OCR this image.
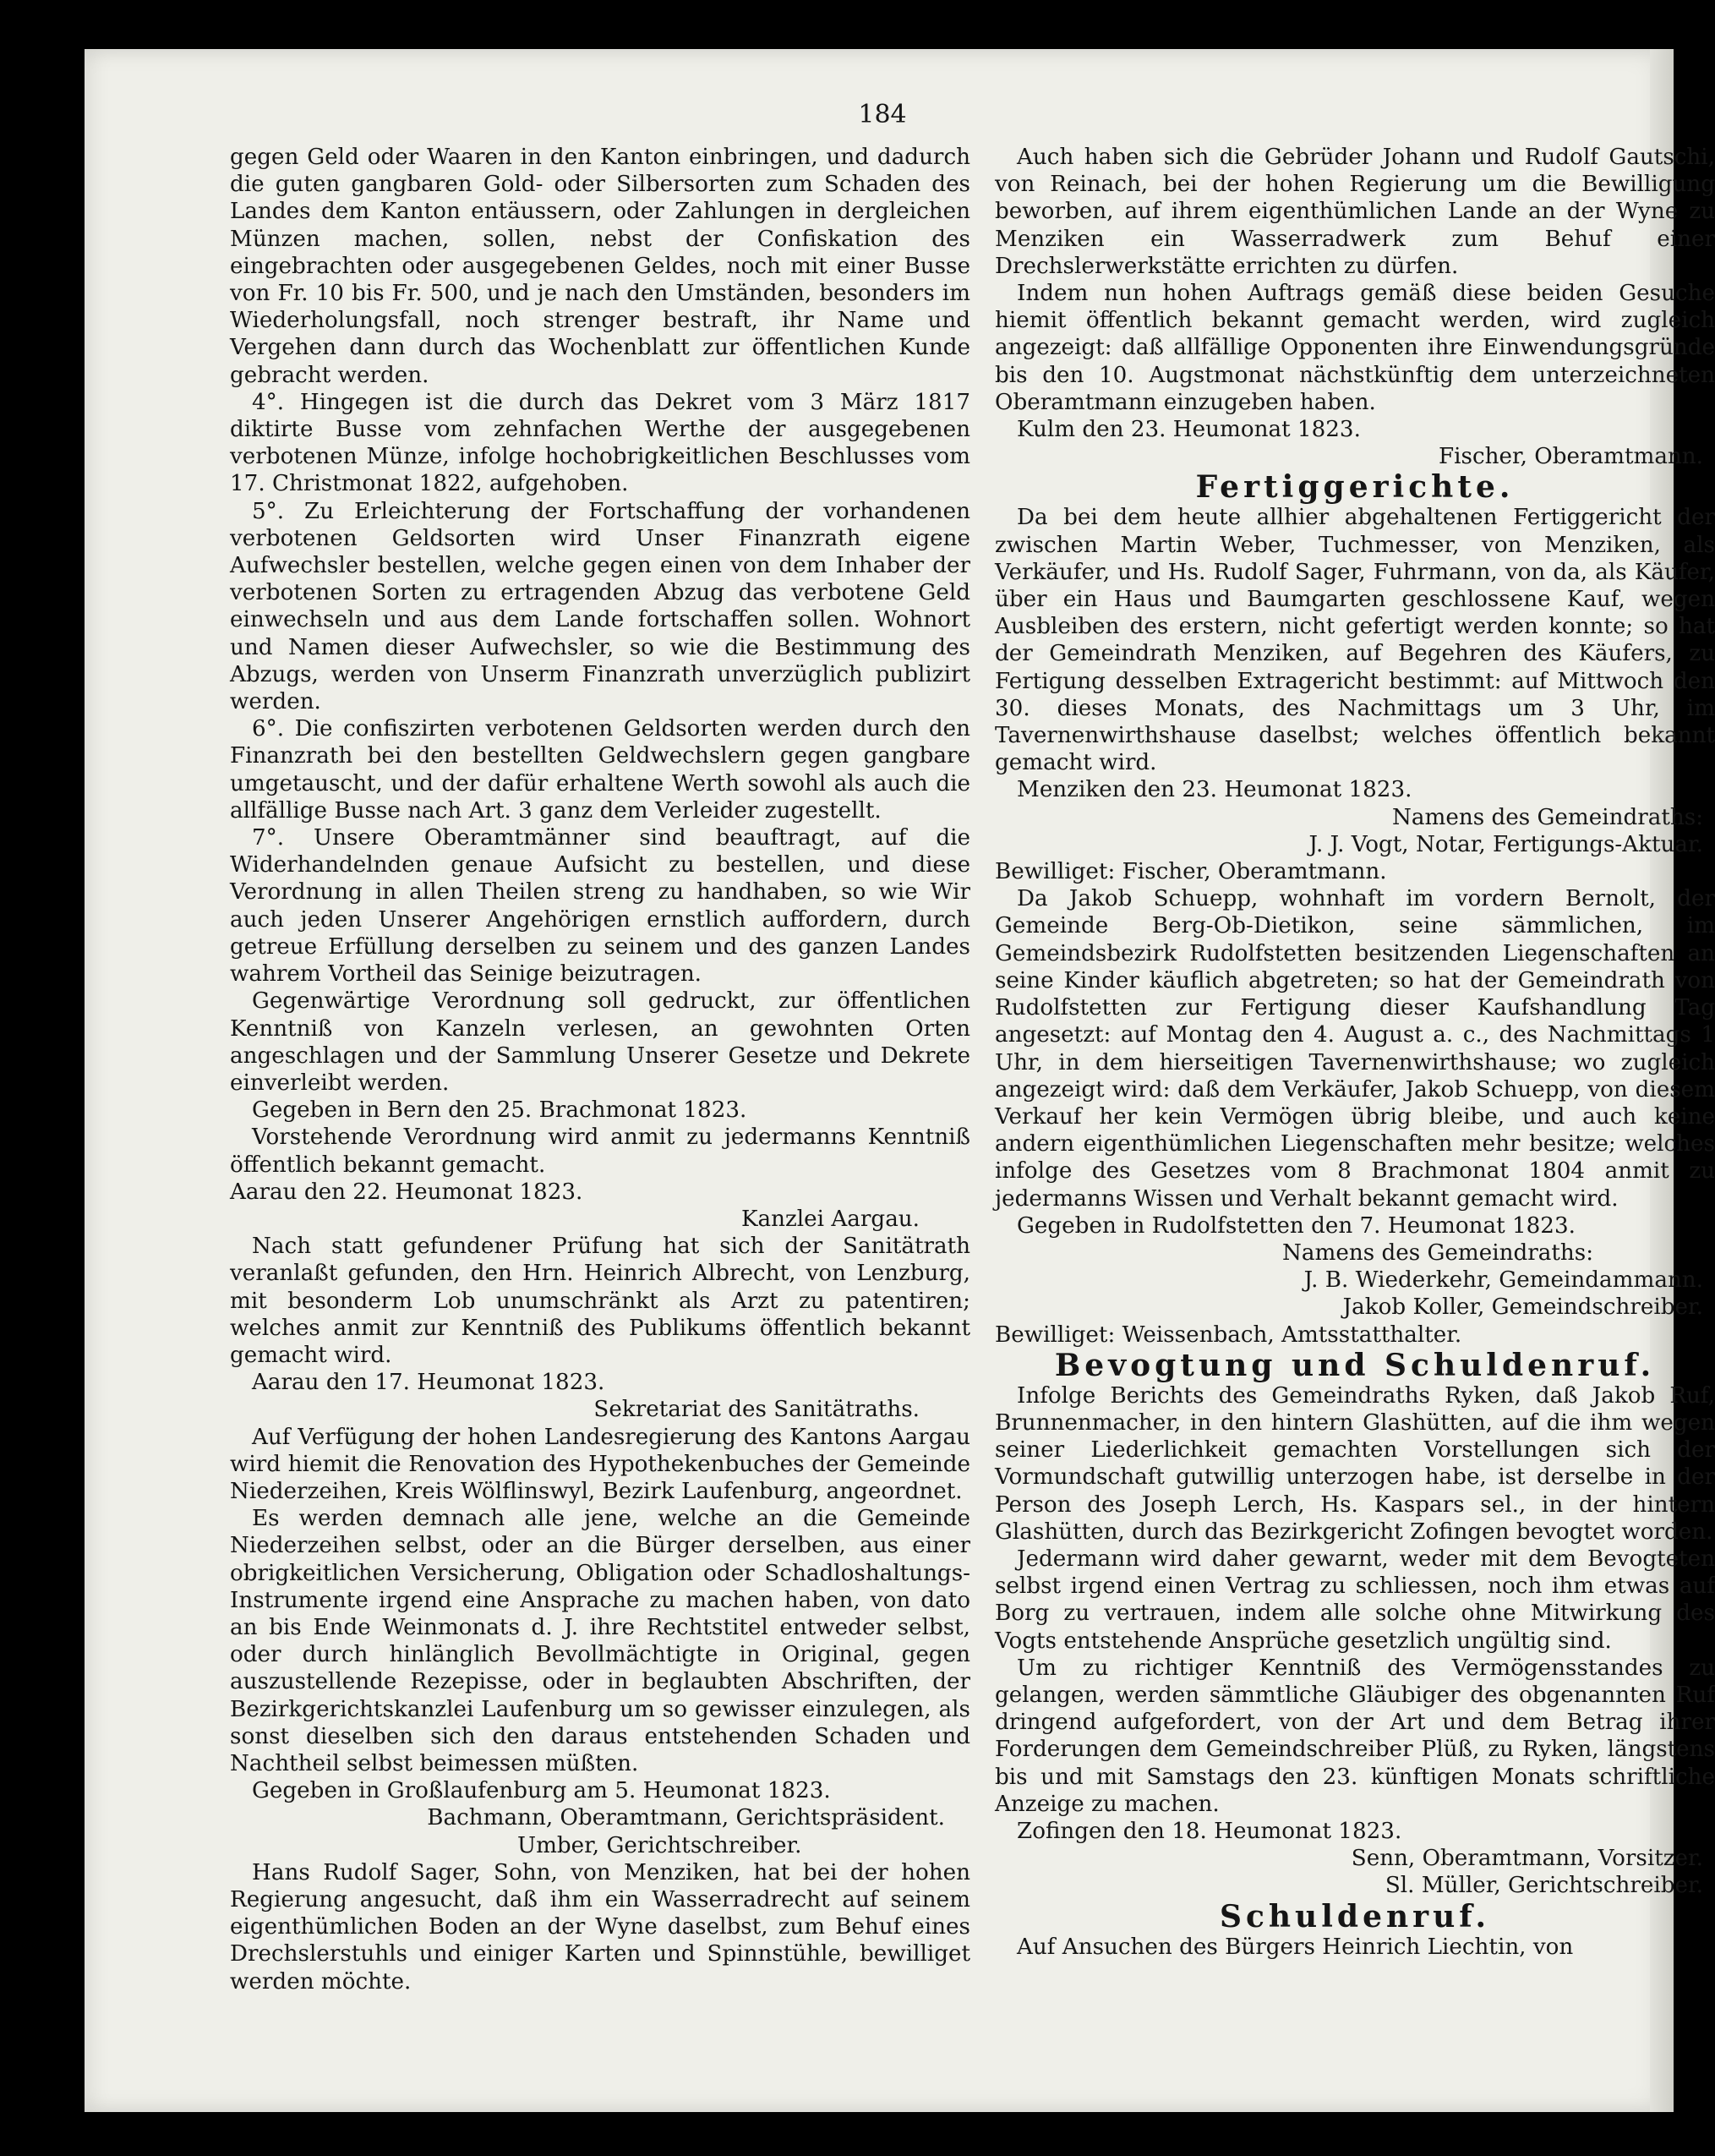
184

gegen Geld oder Waaren in den Kanton einbringen, und dadurch die guten gangbaren Gold- oder Silbersorten zum Schaden des Landes dem Kanton entäussern, oder Zahlungen in dergleichen Münzen machen, sollen, nebst der Confiskation des eingebrachten oder ausgegebenen Geldes, noch mit einer Busse von Fr. 10 bis Fr. 500, und je nach den Umständen, besonders im Wiederholungsfall, noch strenger bestraft, ihr Name und Vergehen dann durch das Wochenblatt zur öffentlichen Kunde gebracht werden.

4°. Hingegen ist die durch das Dekret vom 3 März 1817 diktirte Busse vom zehnfachen Werthe der ausgegebenen verbotenen Münze, infolge hochobrigkeitlichen Beschlusses vom 17. Christmonat 1822, aufgehoben.

5°. Zu Erleichterung der Fortschaffung der vorhandenen verbotenen Geldsorten wird Unser Finanzrath eigene Aufwechsler bestellen, welche gegen einen von dem Inhaber der verbotenen Sorten zu ertragenden Abzug das verbotene Geld einwechseln und aus dem Lande fortschaffen sollen. Wohnort und Namen dieser Aufwechsler, so wie die Bestimmung des Abzugs, werden von Unserm Finanzrath unverzüglich publizirt werden.

6°. Die confiszirten verbotenen Geldsorten werden durch den Finanzrath bei den bestellten Geldwechslern gegen gangbare umgetauscht, und der dafür erhaltene Werth sowohl als auch die allfällige Busse nach Art. 3 ganz dem Verleider zugestellt.

7°. Unsere Oberamtmänner sind beauftragt, auf die Widerhandelnden genaue Aufsicht zu bestellen, und diese Verordnung in allen Theilen streng zu handhaben, so wie Wir auch jeden Unserer Angehörigen ernstlich auffordern, durch getreue Erfüllung derselben zu seinem und des ganzen Landes wahrem Vortheil das Seinige beizutragen.

Gegenwärtige Verordnung soll gedruckt, zur öffentlichen Kenntniß von Kanzeln verlesen, an gewohnten Orten angeschlagen und der Sammlung Unserer Gesetze und Dekrete einverleibt werden.

Gegeben in Bern den 25. Brachmonat 1823.

Vorstehende Verordnung wird anmit zu jedermanns Kenntniß öffentlich bekannt gemacht.

Aarau den 22. Heumonat 1823.

Kanzlei Aargau.

Nach statt gefundener Prüfung hat sich der Sanitätrath veranlaßt gefunden, den Hrn. Heinrich Albrecht, von Lenzburg, mit besonderm Lob unumschränkt als Arzt zu patentiren; welches anmit zur Kenntniß des Publikums öffentlich bekannt gemacht wird.

Aarau den 17. Heumonat 1823.

Sekretariat des Sanitätraths.

Auf Verfügung der hohen Landesregierung des Kantons Aargau wird hiemit die Renovation des Hypothekenbuches der Gemeinde Niederzeihen, Kreis Wölflinswyl, Bezirk Laufenburg, angeordnet.

Es werden demnach alle jene, welche an die Gemeinde Niederzeihen selbst, oder an die Bürger derselben, aus einer obrigkeitlichen Versicherung, Obligation oder Schadloshaltungs-Instrumente irgend eine Ansprache zu machen haben, von dato an bis Ende Weinmonats d. J. ihre Rechtstitel entweder selbst, oder durch hinlänglich Bevollmächtigte in Original, gegen auszustellende Rezepisse, oder in beglaubten Abschriften, der Bezirkgerichtskanzlei Laufenburg um so gewisser einzulegen, als sonst dieselben sich den daraus entstehenden Schaden und Nachtheil selbst beimessen müßten.

Gegeben in Großlaufenburg am 5. Heumonat 1823.

Bachmann, Oberamtmann, Gerichtspräsident.

Umber, Gerichtschreiber.

Hans Rudolf Sager, Sohn, von Menziken, hat bei der hohen Regierung angesucht, daß ihm ein Wasserradrecht auf seinem eigenthümlichen Boden an der Wyne daselbst, zum Behuf eines Drechslerstuhls und einiger Karten und Spinnstühle, bewilliget werden möchte.

Auch haben sich die Gebrüder Johann und Rudolf Gautschi, von Reinach, bei der hohen Regierung um die Bewilligung beworben, auf ihrem eigenthümlichen Lande an der Wyne zu Menziken ein Wasserradwerk zum Behuf einer Drechslerwerkstätte errichten zu dürfen.

Indem nun hohen Auftrags gemäß diese beiden Gesuche hiemit öffentlich bekannt gemacht werden, wird zugleich angezeigt: daß allfällige Opponenten ihre Einwendungsgründe bis den 10. Augstmonat nächstkünftig dem unterzeichneten Oberamtmann einzugeben haben.

Kulm den 23. Heumonat 1823.

Fischer, Oberamtmann.

Fertiggerichte.

Da bei dem heute allhier abgehaltenen Fertiggericht der zwischen Martin Weber, Tuchmesser, von Menziken, als Verkäufer, und Hs. Rudolf Sager, Fuhrmann, von da, als Käufer, über ein Haus und Baumgarten geschlossene Kauf, wegen Ausbleiben des erstern, nicht gefertigt werden konnte; so hat der Gemeindrath Menziken, auf Begehren des Käufers, zu Fertigung desselben Extragericht bestimmt: auf Mittwoch den 30. dieses Monats, des Nachmittags um 3 Uhr, im Tavernenwirthshause daselbst; welches öffentlich bekannt gemacht wird.

Menziken den 23. Heumonat 1823.

Namens des Gemeindraths:

J. J. Vogt, Notar, Fertigungs-Aktuar.

Bewilliget: Fischer, Oberamtmann.

Da Jakob Schuepp, wohnhaft im vordern Bernolt, der Gemeinde Berg-Ob-Dietikon, seine sämmlichen, im Gemeindsbezirk Rudolfstetten besitzenden Liegenschaften an seine Kinder käuflich abgetreten; so hat der Gemeindrath von Rudolfstetten zur Fertigung dieser Kaufshandlung Tag angesetzt: auf Montag den 4. August a. c., des Nachmittags 1 Uhr, in dem hierseitigen Tavernenwirthshause; wo zugleich angezeigt wird: daß dem Verkäufer, Jakob Schuepp, von diesem Verkauf her kein Vermögen übrig bleibe, und auch keine andern eigenthümlichen Liegenschaften mehr besitze; welches infolge des Gesetzes vom 8 Brachmonat 1804 anmit zu jedermanns Wissen und Verhalt bekannt gemacht wird.

Gegeben in Rudolfstetten den 7. Heumonat 1823.

Namens des Gemeindraths:

J. B. Wiederkehr, Gemeindammann.

Jakob Koller, Gemeindschreiber.

Bewilliget: Weissenbach, Amtsstatthalter.

Bevogtung und Schuldenruf.

Infolge Berichts des Gemeindraths Ryken, daß Jakob Ruf, Brunnenmacher, in den hintern Glashütten, auf die ihm wegen seiner Liederlichkeit gemachten Vorstellungen sich der Vormundschaft gutwillig unterzogen habe, ist derselbe in der Person des Joseph Lerch, Hs. Kaspars sel., in der hintern Glashütten, durch das Bezirkgericht Zofingen bevogtet worden.

Jedermann wird daher gewarnt, weder mit dem Bevogteten selbst irgend einen Vertrag zu schliessen, noch ihm etwas auf Borg zu vertrauen, indem alle solche ohne Mitwirkung des Vogts entstehende Ansprüche gesetzlich ungültig sind.

Um zu richtiger Kenntniß des Vermögensstandes zu gelangen, werden sämmtliche Gläubiger des obgenannten Ruf dringend aufgefordert, von der Art und dem Betrag ihrer Forderungen dem Gemeindschreiber Plüß, zu Ryken, längstens bis und mit Samstags den 23. künftigen Monats schriftliche Anzeige zu machen.

Zofingen den 18. Heumonat 1823.

Senn, Oberamtmann, Vorsitzer.

Sl. Müller, Gerichtschreiber.

Schuldenruf.

Auf Ansuchen des Bürgers Heinrich Liechtin, von
